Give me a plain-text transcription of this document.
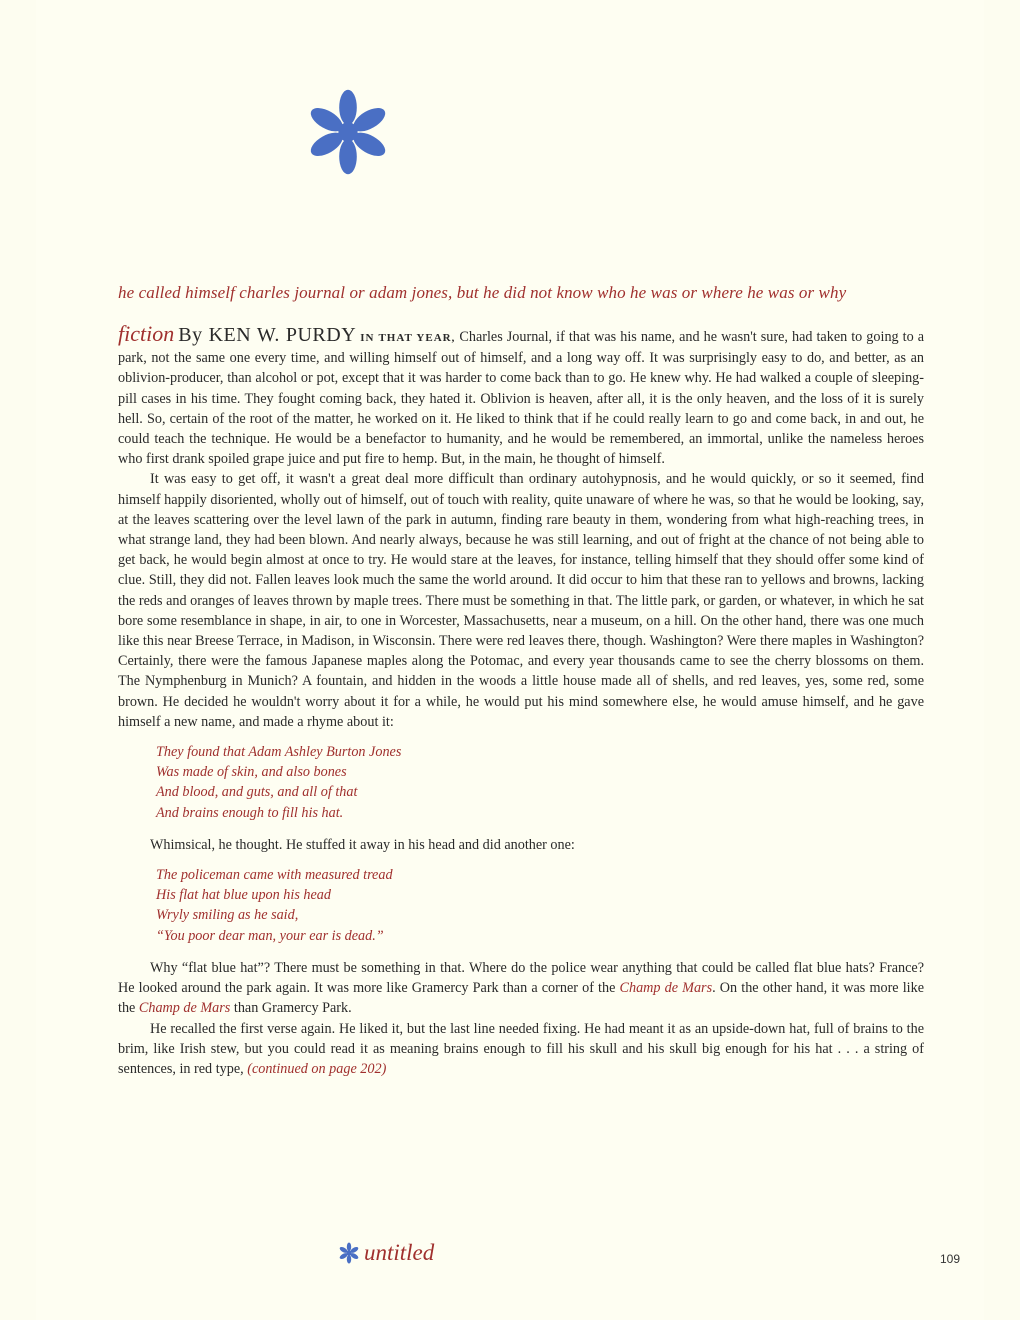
he called himself charles journal or adam jones, but he did not know who he was or where he was or why

fiction By KEN W. PURDY IN THAT YEAR, Charles Journal, if that was his name, and he wasn't sure, had taken to going to a park, not the same one every time, and willing himself out of himself, and a long way off. It was surprisingly easy to do, and better, as an oblivion-producer, than alcohol or pot, except that it was harder to come back than to go. He knew why. He had walked a couple of sleeping-pill cases in his time. They fought coming back, they hated it. Oblivion is heaven, after all, it is the only heaven, and the loss of it is surely hell. So, certain of the root of the matter, he worked on it. He liked to think that if he could really learn to go and come back, in and out, he could teach the technique. He would be a benefactor to humanity, and he would be remembered, an immortal, unlike the nameless heroes who first drank spoiled grape juice and put fire to hemp. But, in the main, he thought of himself.

It was easy to get off, it wasn't a great deal more difficult than ordinary autohypnosis, and he would quickly, or so it seemed, find himself happily disoriented, wholly out of himself, out of touch with reality, quite unaware of where he was, so that he would be looking, say, at the leaves scattering over the level lawn of the park in autumn, finding rare beauty in them, wondering from what high-reaching trees, in what strange land, they had been blown. And nearly always, because he was still learning, and out of fright at the chance of not being able to get back, he would begin almost at once to try. He would stare at the leaves, for instance, telling himself that they should offer some kind of clue. Still, they did not. Fallen leaves look much the same the world around. It did occur to him that these ran to yellows and browns, lacking the reds and oranges of leaves thrown by maple trees. There must be something in that. The little park, or garden, or whatever, in which he sat bore some resemblance in shape, in air, to one in Worcester, Massachusetts, near a museum, on a hill. On the other hand, there was one much like this near Breese Terrace, in Madison, in Wisconsin. There were red leaves there, though. Washington? Were there maples in Washington? Certainly, there were the famous Japanese maples along the Potomac, and every year thousands came to see the cherry blossoms on them. The Nymphenburg in Munich? A fountain, and hidden in the woods a little house made all of shells, and red leaves, yes, some red, some brown. He decided he wouldn't worry about it for a while, he would put his mind somewhere else, he would amuse himself, and he gave himself a new name, and made a rhyme about it:

They found that Adam Ashley Burton Jones
Was made of skin, and also bones
And blood, and guts, and all of that
And brains enough to fill his hat.

Whimsical, he thought. He stuffed it away in his head and did another one:

The policeman came with measured tread
His flat hat blue upon his head
Wryly smiling as he said,
“You poor dear man, your ear is dead.”

Why “flat blue hat”? There must be something in that. Where do the police wear anything that could be called flat blue hats? France? He looked around the park again. It was more like Gramercy Park than a corner of the Champ de Mars. On the other hand, it was more like the Champ de Mars than Gramercy Park.

He recalled the first verse again. He liked it, but the last line needed fixing. He had meant it as an upside-down hat, full of brains to the brim, like Irish stew, but you could read it as meaning brains enough to fill his skull and his skull big enough for his hat . . . a string of sentences, in red type, (continued on page 202)

untitled	109
